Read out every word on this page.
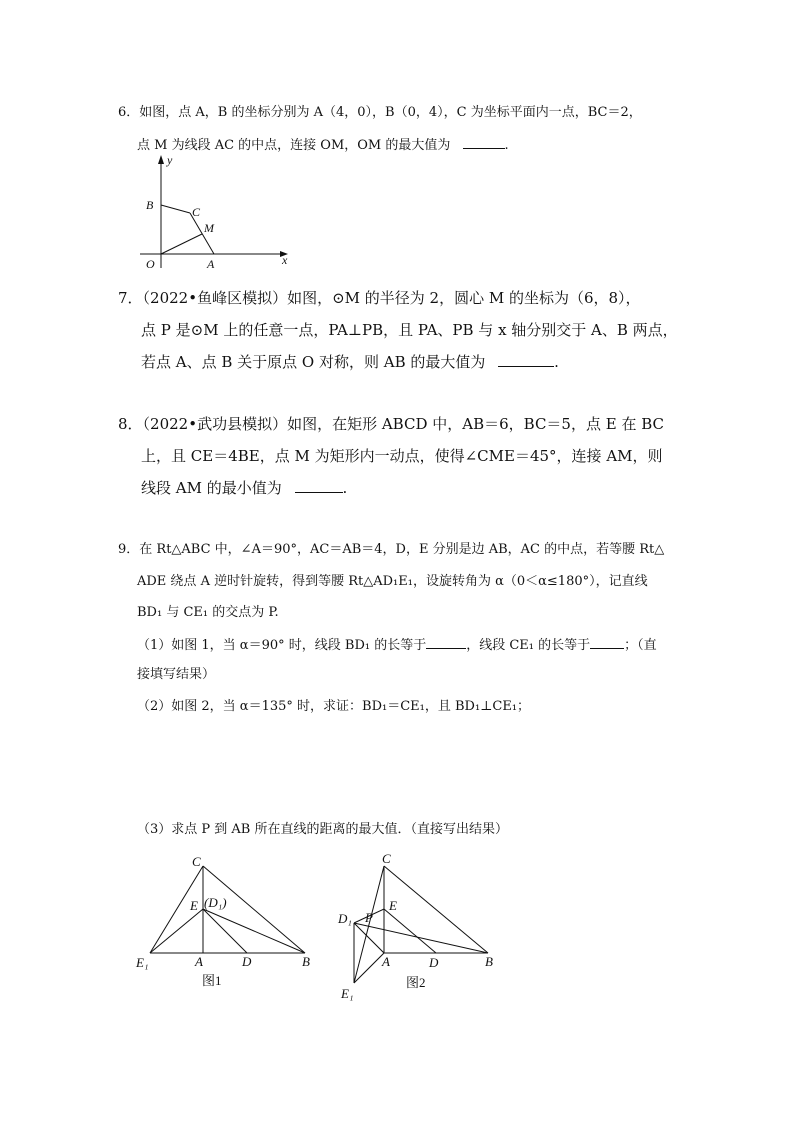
6．如图，点 A，B 的坐标分别为 A（4，0），B（0，4），C 为坐标平面内一点，BC＝2，
点 M 为线段 AC 的中点，连接 OM，OM 的最大值为	.
y
x
B	C
M
O	A
7．（2022•鱼峰区模拟）如图，⊙M 的半径为 2，圆心 M 的坐标为（6，8），
点 P 是⊙M 上的任意一点，PA⊥PB，且 PA、PB 与 x 轴分别交于 A、B 两点，
若点 A、点 B 关于原点 O 对称，则 AB 的最大值为	.
8．（2022•武功县模拟）如图，在矩形 ABCD 中，AB＝6，BC＝5，点 E 在 BC
上，且 CE＝4BE，点 M 为矩形内一动点，使得∠CME＝45°，连接 AM，则
线段 AM 的最小值为	.
9．在 Rt△ABC 中，∠A＝90°，AC＝AB＝4，D，E 分别是边 AB，AC 的中点，若等腰 Rt△
ADE 绕点 A 逆时针旋转，得到等腰 Rt△AD₁E₁，设旋转角为 α（0＜α≤180°），记直线
BD₁ 与 CE₁ 的交点为 P.
（1）如图 1，当 α＝90° 时，线段 BD₁ 的长等于	，线段 CE₁ 的长等于	；（直
接填写结果）
（2）如图 2，当 α＝135° 时，求证：BD₁＝CE₁，且 BD₁⊥CE₁；
（3）求点 P 到 AB 所在直线的距离的最大值．（直接写出结果）
C
E (D₁)
E₁	A	D	B
图1
C
E
D₁ P
A	D	B
E₁
图2
